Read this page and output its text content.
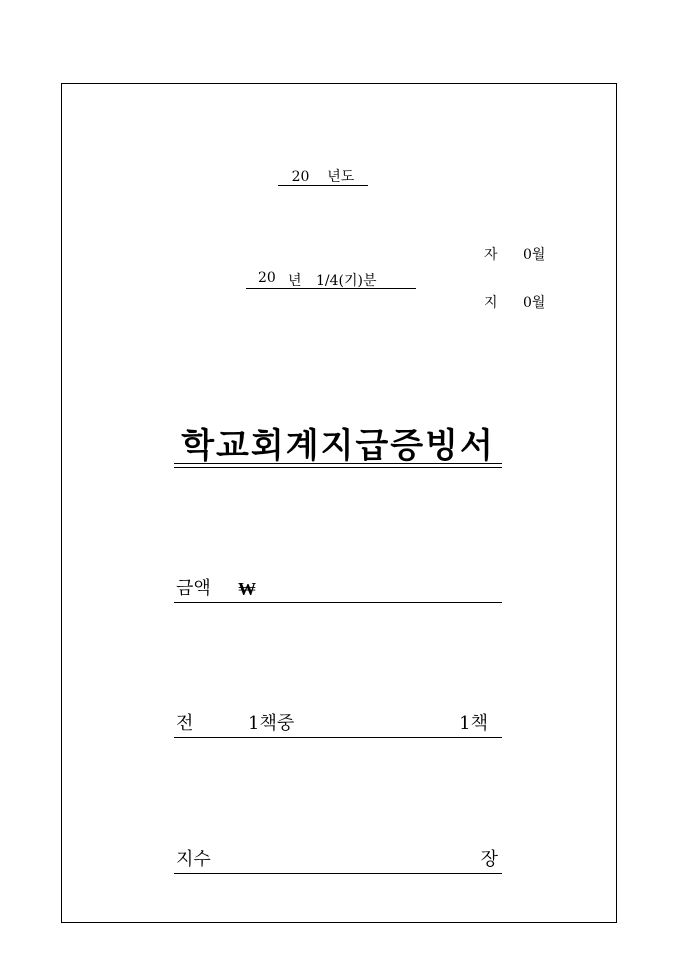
20 년도
20 년 1/4(기)분
자 0월
지 0월
학교회계지급증빙서
금액 ₩
전	1책중	1책
지수	장
